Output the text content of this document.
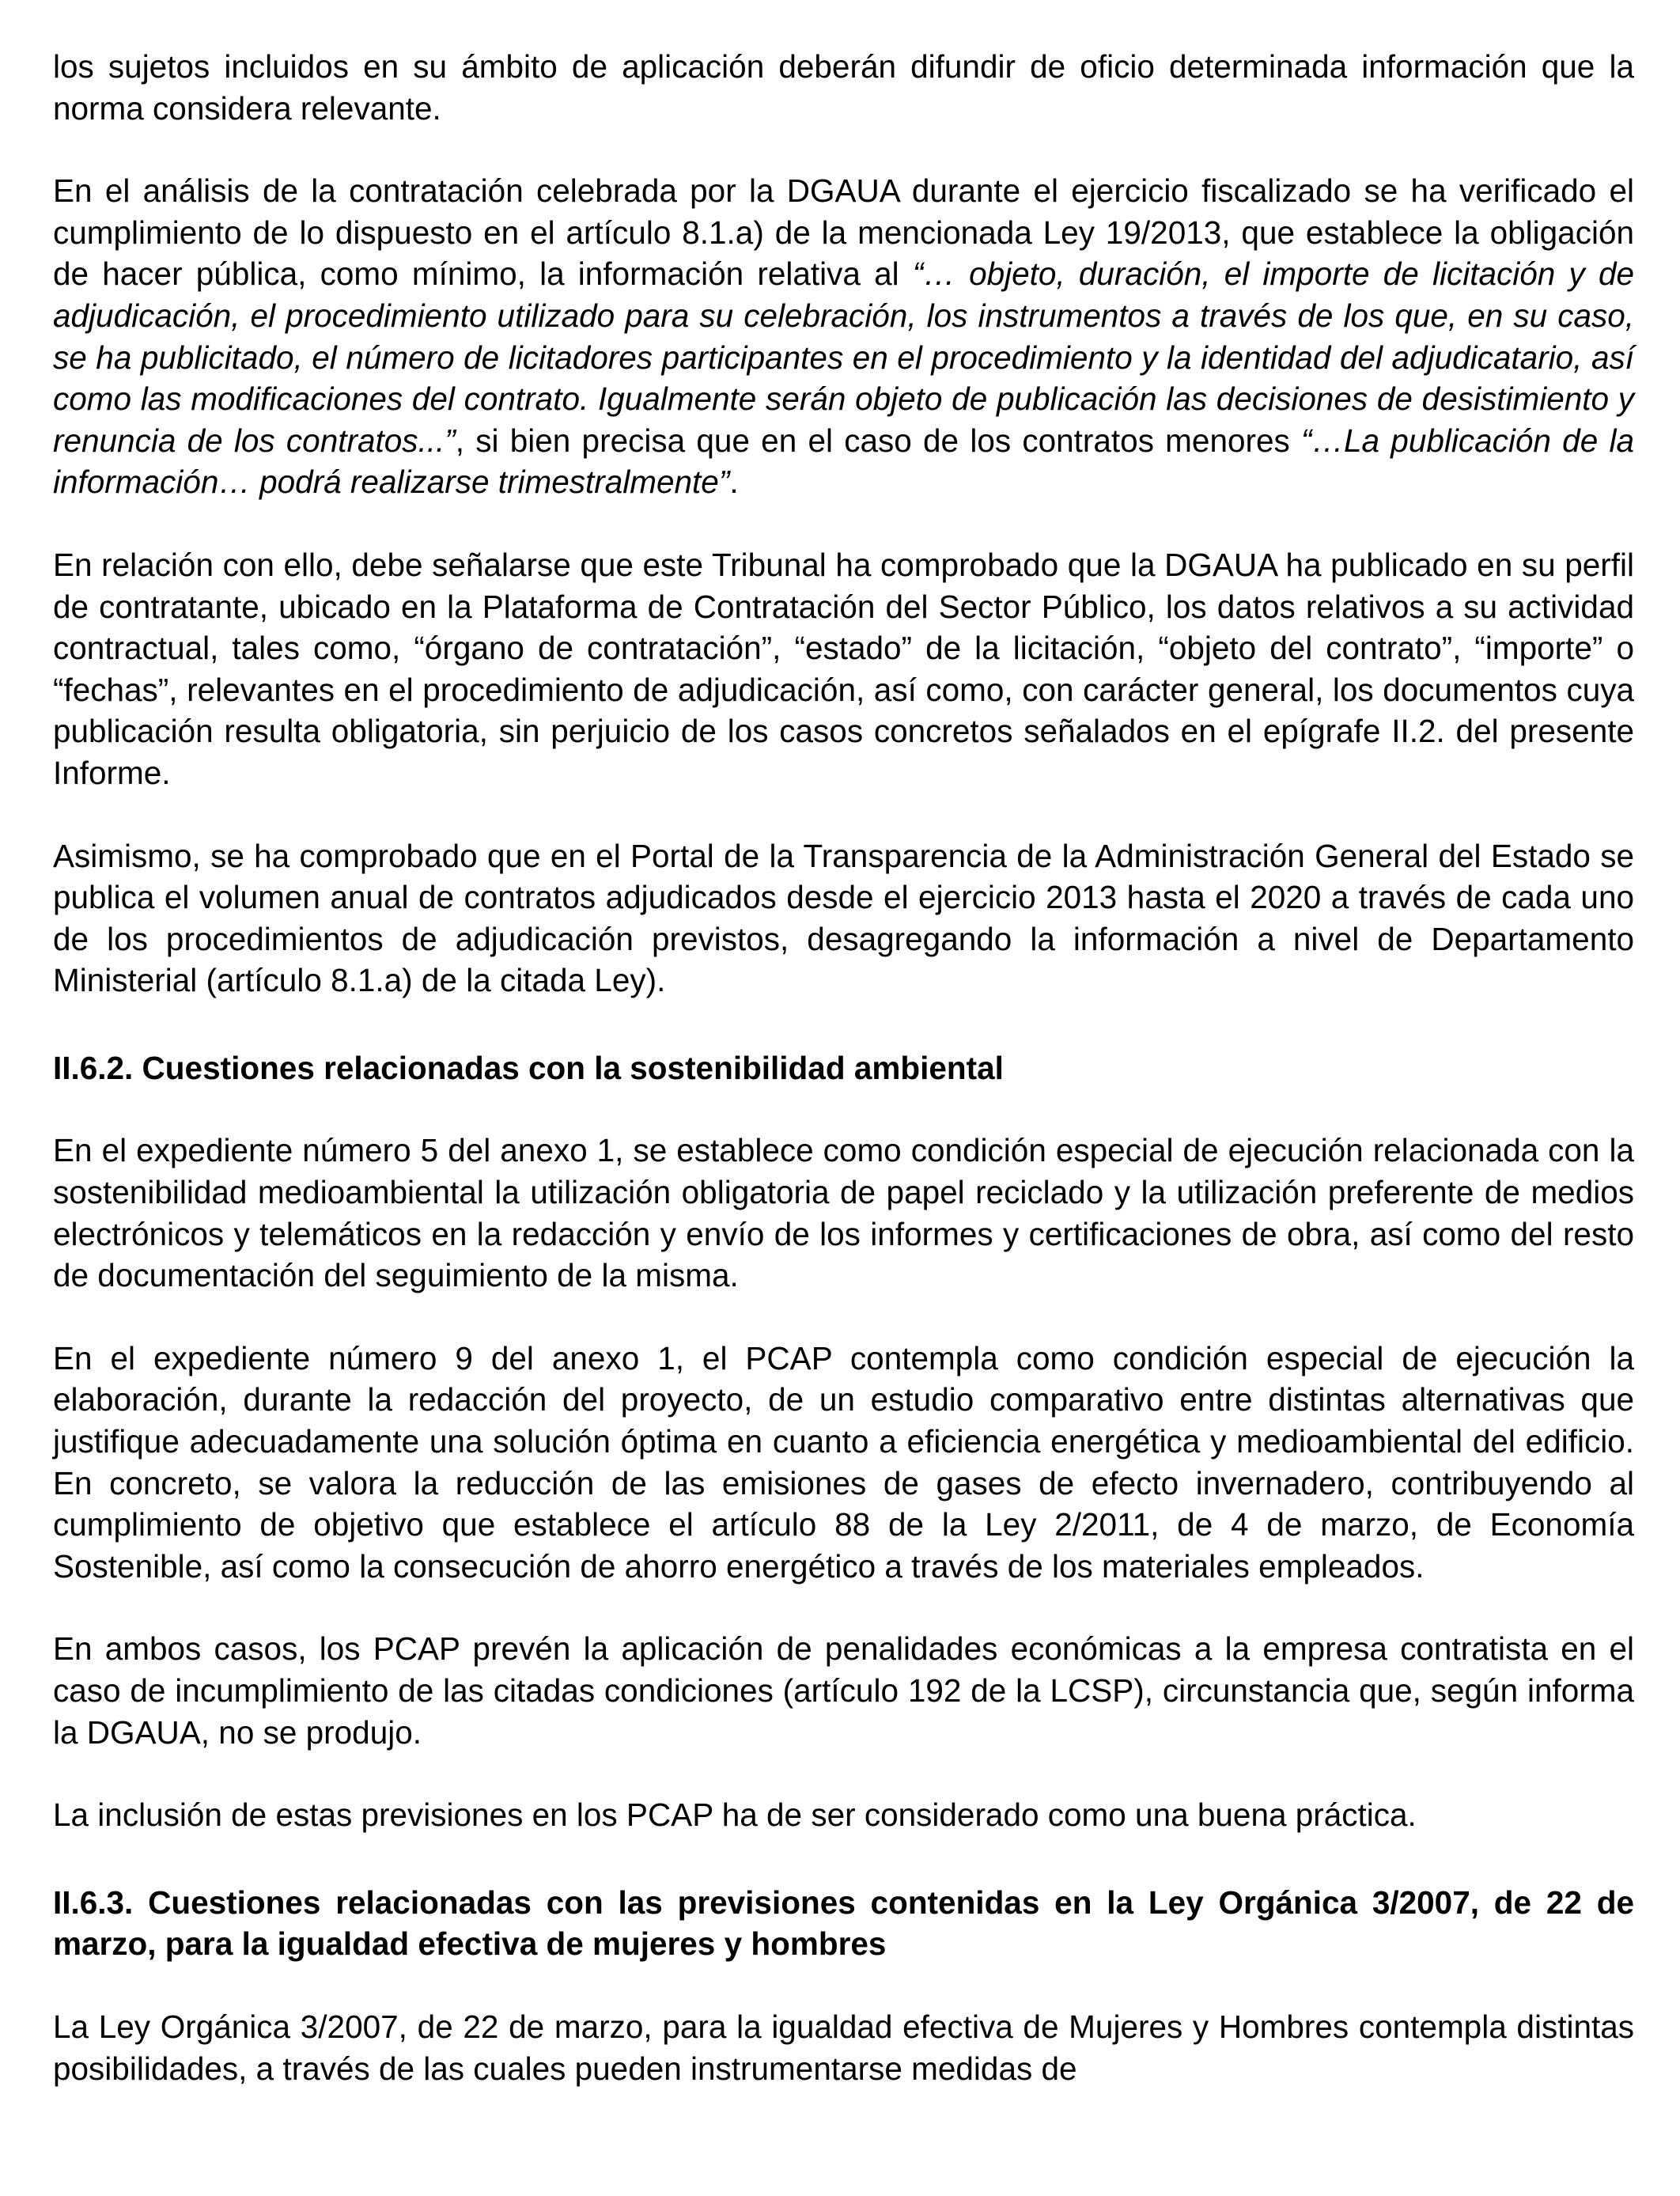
los sujetos incluidos en su ámbito de aplicación deberán difundir de oficio determinada información que la norma considera relevante.

En el análisis de la contratación celebrada por la DGAUA durante el ejercicio fiscalizado se ha verificado el cumplimiento de lo dispuesto en el artículo 8.1.a) de la mencionada Ley 19/2013, que establece la obligación de hacer pública, como mínimo, la información relativa al “… objeto, duración, el importe de licitación y de adjudicación, el procedimiento utilizado para su celebración, los instrumentos a través de los que, en su caso, se ha publicitado, el número de licitadores participantes en el procedimiento y la identidad del adjudicatario, así como las modificaciones del contrato. Igualmente serán objeto de publicación las decisiones de desistimiento y renuncia de los contratos...”, si bien precisa que en el caso de los contratos menores “…La publicación de la información… podrá realizarse trimestralmente”.

En relación con ello, debe señalarse que este Tribunal ha comprobado que la DGAUA ha publicado en su perfil de contratante, ubicado en la Plataforma de Contratación del Sector Público, los datos relativos a su actividad contractual, tales como, “órgano de contratación”, “estado” de la licitación, “objeto del contrato”, “importe” o “fechas”, relevantes en el procedimiento de adjudicación, así como, con carácter general, los documentos cuya publicación resulta obligatoria, sin perjuicio de los casos concretos señalados en el epígrafe II.2. del presente Informe.

Asimismo, se ha comprobado que en el Portal de la Transparencia de la Administración General del Estado se publica el volumen anual de contratos adjudicados desde el ejercicio 2013 hasta el 2020 a través de cada uno de los procedimientos de adjudicación previstos, desagregando la información a nivel de Departamento Ministerial (artículo 8.1.a) de la citada Ley).

II.6.2. Cuestiones relacionadas con la sostenibilidad ambiental

En el expediente número 5 del anexo 1, se establece como condición especial de ejecución relacionada con la sostenibilidad medioambiental la utilización obligatoria de papel reciclado y la utilización preferente de medios electrónicos y telemáticos en la redacción y envío de los informes y certificaciones de obra, así como del resto de documentación del seguimiento de la misma.

En el expediente número 9 del anexo 1, el PCAP contempla como condición especial de ejecución la elaboración, durante la redacción del proyecto, de un estudio comparativo entre distintas alternativas que justifique adecuadamente una solución óptima en cuanto a eficiencia energética y medioambiental del edificio. En concreto, se valora la reducción de las emisiones de gases de efecto invernadero, contribuyendo al cumplimiento de objetivo que establece el artículo 88 de la Ley 2/2011, de 4 de marzo, de Economía Sostenible, así como la consecución de ahorro energético a través de los materiales empleados.

En ambos casos, los PCAP prevén la aplicación de penalidades económicas a la empresa contratista en el caso de incumplimiento de las citadas condiciones (artículo 192 de la LCSP), circunstancia que, según informa la DGAUA, no se produjo.

La inclusión de estas previsiones en los PCAP ha de ser considerado como una buena práctica.

II.6.3. Cuestiones relacionadas con las previsiones contenidas en la Ley Orgánica 3/2007, de 22 de marzo, para la igualdad efectiva de mujeres y hombres

La Ley Orgánica 3/2007, de 22 de marzo, para la igualdad efectiva de Mujeres y Hombres contempla distintas posibilidades, a través de las cuales pueden instrumentarse medidas de
